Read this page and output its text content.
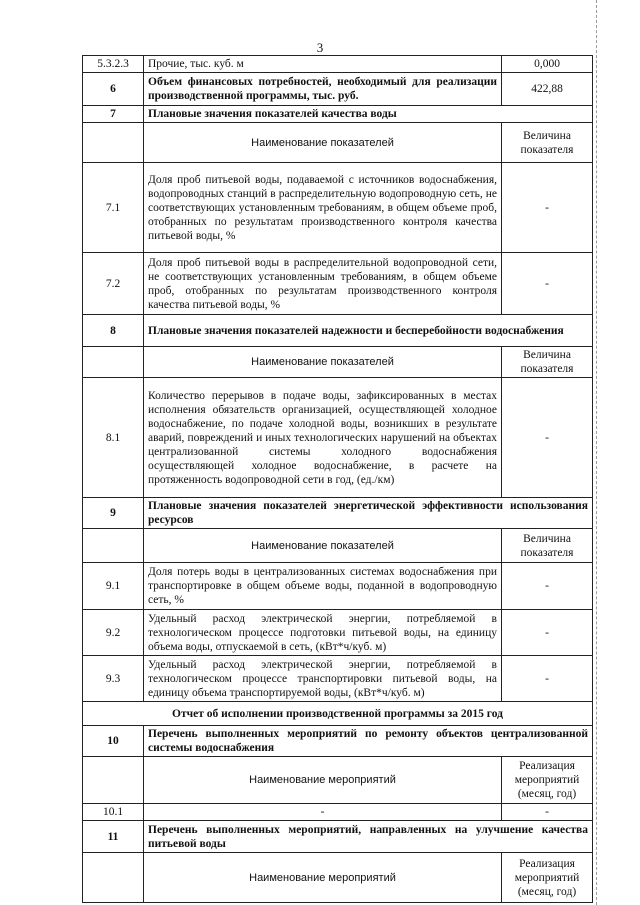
3
5.3.2.3	Прочие, тыс. куб. м	0,000
6	Объем финансовых потребностей, необходимый для реализации производственной программы, тыс. руб.	422,88
7	Плановые значения показателей качества воды	
	Наименование показателей	Величина показателя
7.1	Доля проб питьевой воды, подаваемой с источников водоснабжения, водопроводных станций в распределительную водопроводную сеть, не соответствующих установленным требованиям, в общем объеме проб, отобранных по результатам производственного контроля качества питьевой воды, %	-
7.2	Доля проб питьевой воды в распределительной водопроводной сети, не соответствующих установленным требованиям, в общем объеме проб, отобранных по результатам производственного контроля качества питьевой воды, %	-
8	Плановые значения показателей надежности и бесперебойности водоснабжения	
	Наименование показателей	Величина показателя
8.1	Количество перерывов в подаче воды, зафиксированных в местах исполнения обязательств организацией, осуществляющей холодное водоснабжение, по подаче холодной воды, возникших в результате аварий, повреждений и иных технологических нарушений на объектах централизованной системы холодного водоснабжения осуществляющей холодное водоснабжение, в расчете на протяженность водопроводной сети в год, (ед./км)	-
9	Плановые значения показателей энергетической эффективности использования ресурсов	
	Наименование показателей	Величина показателя
9.1	Доля потерь воды в централизованных системах водоснабжения при транспортировке в общем объеме воды, поданной в водопроводную сеть, %	-
9.2	Удельный расход электрической энергии, потребляемой в технологическом процессе подготовки питьевой воды, на единицу объема воды, отпускаемой в сеть, (кВт*ч/куб. м)	-
9.3	Удельный расход электрической энергии, потребляемой в технологическом процессе транспортировки питьевой воды, на единицу объема транспортируемой воды, (кВт*ч/куб. м)	-
Отчет об исполнении производственной программы за 2015 год		
10	Перечень выполненных мероприятий по ремонту объектов централизованной системы водоснабжения	
	Наименование мероприятий	Реализация мероприятий (месяц, год)
10.1	-	-
11	Перечень выполненных мероприятий, направленных на улучшение качества питьевой воды	
	Наименование мероприятий	Реализация мероприятий (месяц, год)
